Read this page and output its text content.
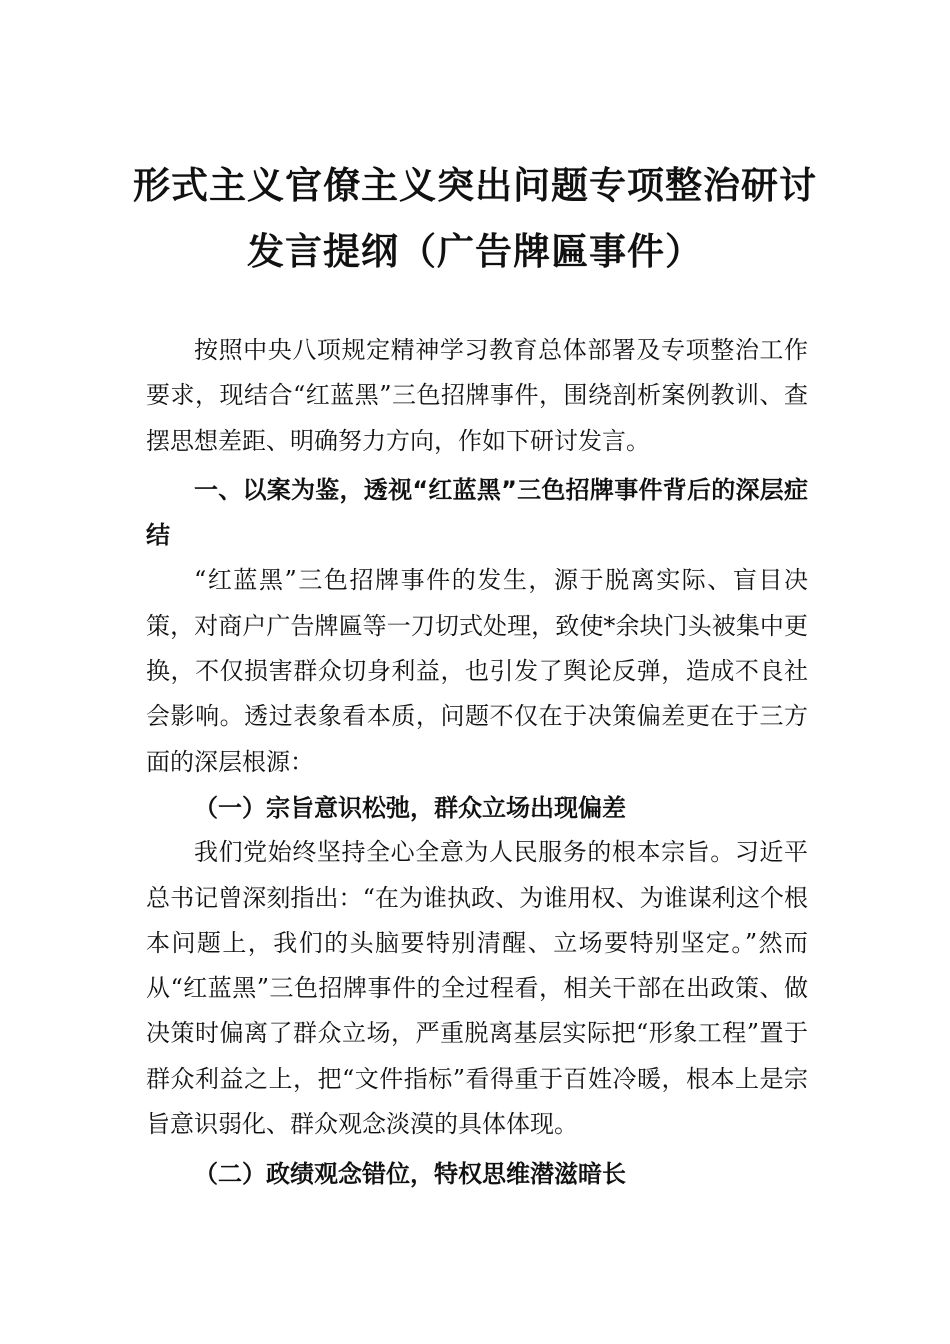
形式主义官僚主义突出问题专项整治研讨
发言提纲（广告牌匾事件）

按照中央八项规定精神学习教育总体部署及专项整治工作要求，现结合“红蓝黑”三色招牌事件，围绕剖析案例教训、查摆思想差距、明确努力方向，作如下研讨发言。

一、以案为鉴，透视“红蓝黑”三色招牌事件背后的深层症结

“红蓝黑”三色招牌事件的发生，源于脱离实际、盲目决策，对商户广告牌匾等一刀切式处理，致使*余块门头被集中更换，不仅损害群众切身利益，也引发了舆论反弹，造成不良社会影响。透过表象看本质，问题不仅在于决策偏差更在于三方面的深层根源：

（一）宗旨意识松弛，群众立场出现偏差

我们党始终坚持全心全意为人民服务的根本宗旨。习近平总书记曾深刻指出：“在为谁执政、为谁用权、为谁谋利这个根本问题上，我们的头脑要特别清醒、立场要特别坚定。”然而从“红蓝黑”三色招牌事件的全过程看，相关干部在出政策、做决策时偏离了群众立场，严重脱离基层实际把“形象工程”置于群众利益之上，把“文件指标”看得重于百姓冷暖，根本上是宗旨意识弱化、群众观念淡漠的具体体现。

（二）政绩观念错位，特权思维潜滋暗长
